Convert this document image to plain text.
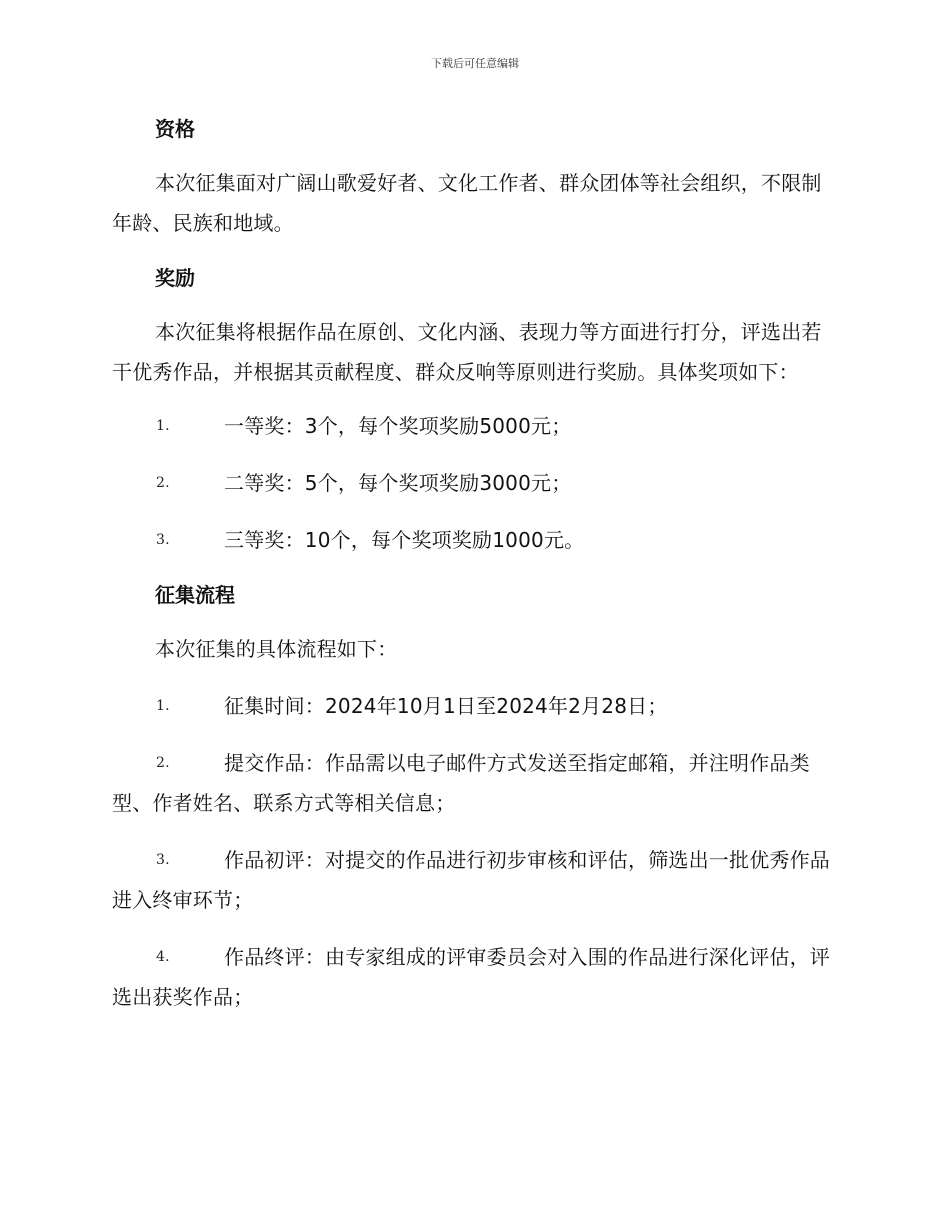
下载后可任意编辑
资格

本次征集面对广阔山歌爱好者、文化工作者、群众团体等社会组织，不限制年龄、民族和地域。

奖励

本次征集将根据作品在原创、文化内涵、表现力等方面进行打分，评选出若干优秀作品，并根据其贡献程度、群众反响等原则进行奖励。具体奖项如下：

1.	一等奖：3个，每个奖项奖励5000元；
2.	二等奖：5个，每个奖项奖励3000元；
3.	三等奖：10个，每个奖项奖励1000元。
征集流程

本次征集的具体流程如下：

1.	征集时间：2024年10月1日至2024年2月28日；
2.	提交作品：作品需以电子邮件方式发送至指定邮箱，并注明作品类型、作者姓名、联系方式等相关信息；
3.	作品初评：对提交的作品进行初步审核和评估，筛选出一批优秀作品进入终审环节；
4.	作品终评：由专家组成的评审委员会对入围的作品进行深化评估，评选出获奖作品；
